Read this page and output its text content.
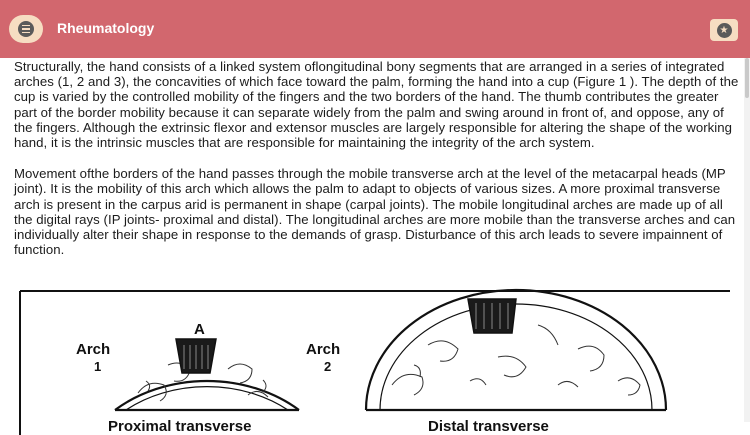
Rheumatology	★

Structurally, the hand consists of a linked system oflongitudinal bony segments that are arranged in a series of integrated arches (1, 2 and 3), the concavities of which face toward the palm, forming the hand into a cup (Figure 1 ). The depth of the cup is varied by the controlled mobility of the fingers and the two borders of the hand. The thumb contributes the greater part of the border mobility because it can separate widely from the palm and swing around in front of, and oppose, any of the fingers. Although the extrinsic flexor and extensor muscles are largely responsible for altering the shape of the working hand, it is the intrinsic muscles that are responsible for maintaining the integrity of the arch system.

Movement ofthe borders of the hand passes through the mobile transverse arch at the level of the metacarpal heads (MP joint). It is the mobility of this arch which allows the palm to adapt to objects of various sizes. A more proximal transverse arch is present in the carpus arid is permanent in shape (carpal joints). The mobile longitudinal arches are made up of all the digital rays (IP joints- proximal and distal). The longitudinal arches are more mobile than the transverse arches and can individually alter their shape in response to the demands of grasp. Disturbance of this arch leads to severe impainnent of function.

A
Arch
1
Proximal transverse
Arch
2
Distal transverse
